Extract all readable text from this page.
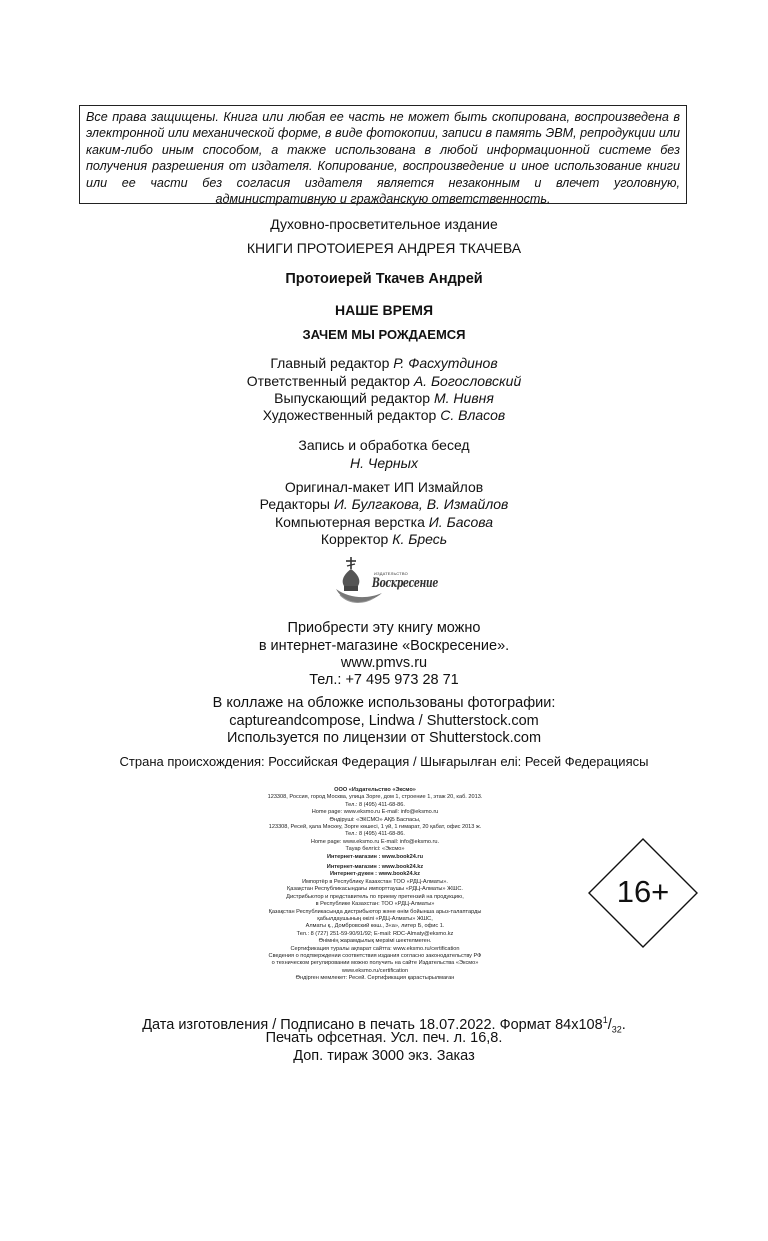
Все права защищены. Книга или любая ее часть не может быть скопирована, воспроизведена в электронной или механической форме, в виде фотокопии, записи в память ЭВМ, репродукции или каким-либо иным способом, а также использована в любой информационной системе без получения разрешения от издателя. Копирование, воспроизведение и иное использование книги или ее части без согласия издателя является незаконным и влечет уголовную, административную и гражданскую ответственность.
Духовно-просветительное издание
КНИГИ ПРОТОИЕРЕЯ АНДРЕЯ ТКАЧЕВА
Протоиерей Ткачев Андрей
НАШЕ ВРЕМЯ
ЗАЧЕМ МЫ РОЖДАЕМСЯ
Главный редактор Р. Фасхутдинов
Ответственный редактор А. Богословский
Выпускающий редактор М. Нивня
Художественный редактор С. Власов
Запись и обработка бесед
Н. Черных
Оригинал-макет ИП Измайлов
Редакторы И. Булгакова, В. Измайлов
Компьютерная верстка И. Басова
Корректор К. Бресь
ИЗДАТЕЛЬСТВО
Воскресение
Приобрести эту книгу можно
в интернет-магазине «Воскресение».
www.pmvs.ru
Тел.: +7 495 973 28 71
В коллаже на обложке использованы фотографии:
captureandcompose, Lindwa / Shutterstock.com
Используется по лицензии от Shutterstock.com
Страна происхождения: Российская Федерация / Шығарылған елі: Ресей Федерациясы

ООО «Издательство «Эксмо»

123308, Россия, город Москва, улица Зорге, дом 1, строение 1, этаж 20, каб. 2013.

Тел.: 8 (495) 411-68-86.

Home page: www.eksmo.ru E-mail: info@eksmo.ru

Өндіруші: «ЭКСМО» АҚБ Баспасы,

123308, Ресей, қала Мәскеу, Зорге көшесі, 1 үй, 1 ғимарат, 20 қабат, офис 2013 ж.

Тел.: 8 (495) 411-68-86.

Home page: www.eksmo.ru E-mail: info@eksmo.ru.

Тауар белгісі: «Эксмо»

Интернет-магазин : www.book24.ru

Интернет-магазин : www.book24.kz

Интернет-дүкен : www.book24.kz

Импортёр в Республику Казахстан ТОО «РДЦ-Алматы».

Қазақстан Республикасындағы импорттаушы «РДЦ-Алматы» ЖШС.

Дистрибьютор и представитель по приему претензий на продукцию,

в Республике Казахстан: ТОО «РДЦ-Алматы»

Қазақстан Республикасында дистрибьютор және өнім бойынша арыз-талаптарды

қабылдаушының өкілі «РДЦ-Алматы» ЖШС,

Алматы қ., Домбровский көш., 3«а», литер Б, офис 1.

Тел.: 8 (727) 251-59-90/91/92; E-mail: RDC-Almaty@eksmo.kz

Өнімнің жарамдылық мерзімі шектелмеген.

Сертификация туралы ақпарат сайтта: www.eksmo.ru/certification

Сведения о подтверждении соответствия издания согласно законодательству РФ

о техническом регулировании можно получить на сайте Издательства «Эксмо»

www.eksmo.ru/certification

Өндірген мемлекет: Ресей. Сертификация қарастырылмаған

16+
Дата изготовления / Подписано в печать 18.07.2022. Формат $84x108^1/_{32}$.
Печать офсетная. Усл. печ. л. 16,8.
Доп. тираж 3000 экз. Заказ
